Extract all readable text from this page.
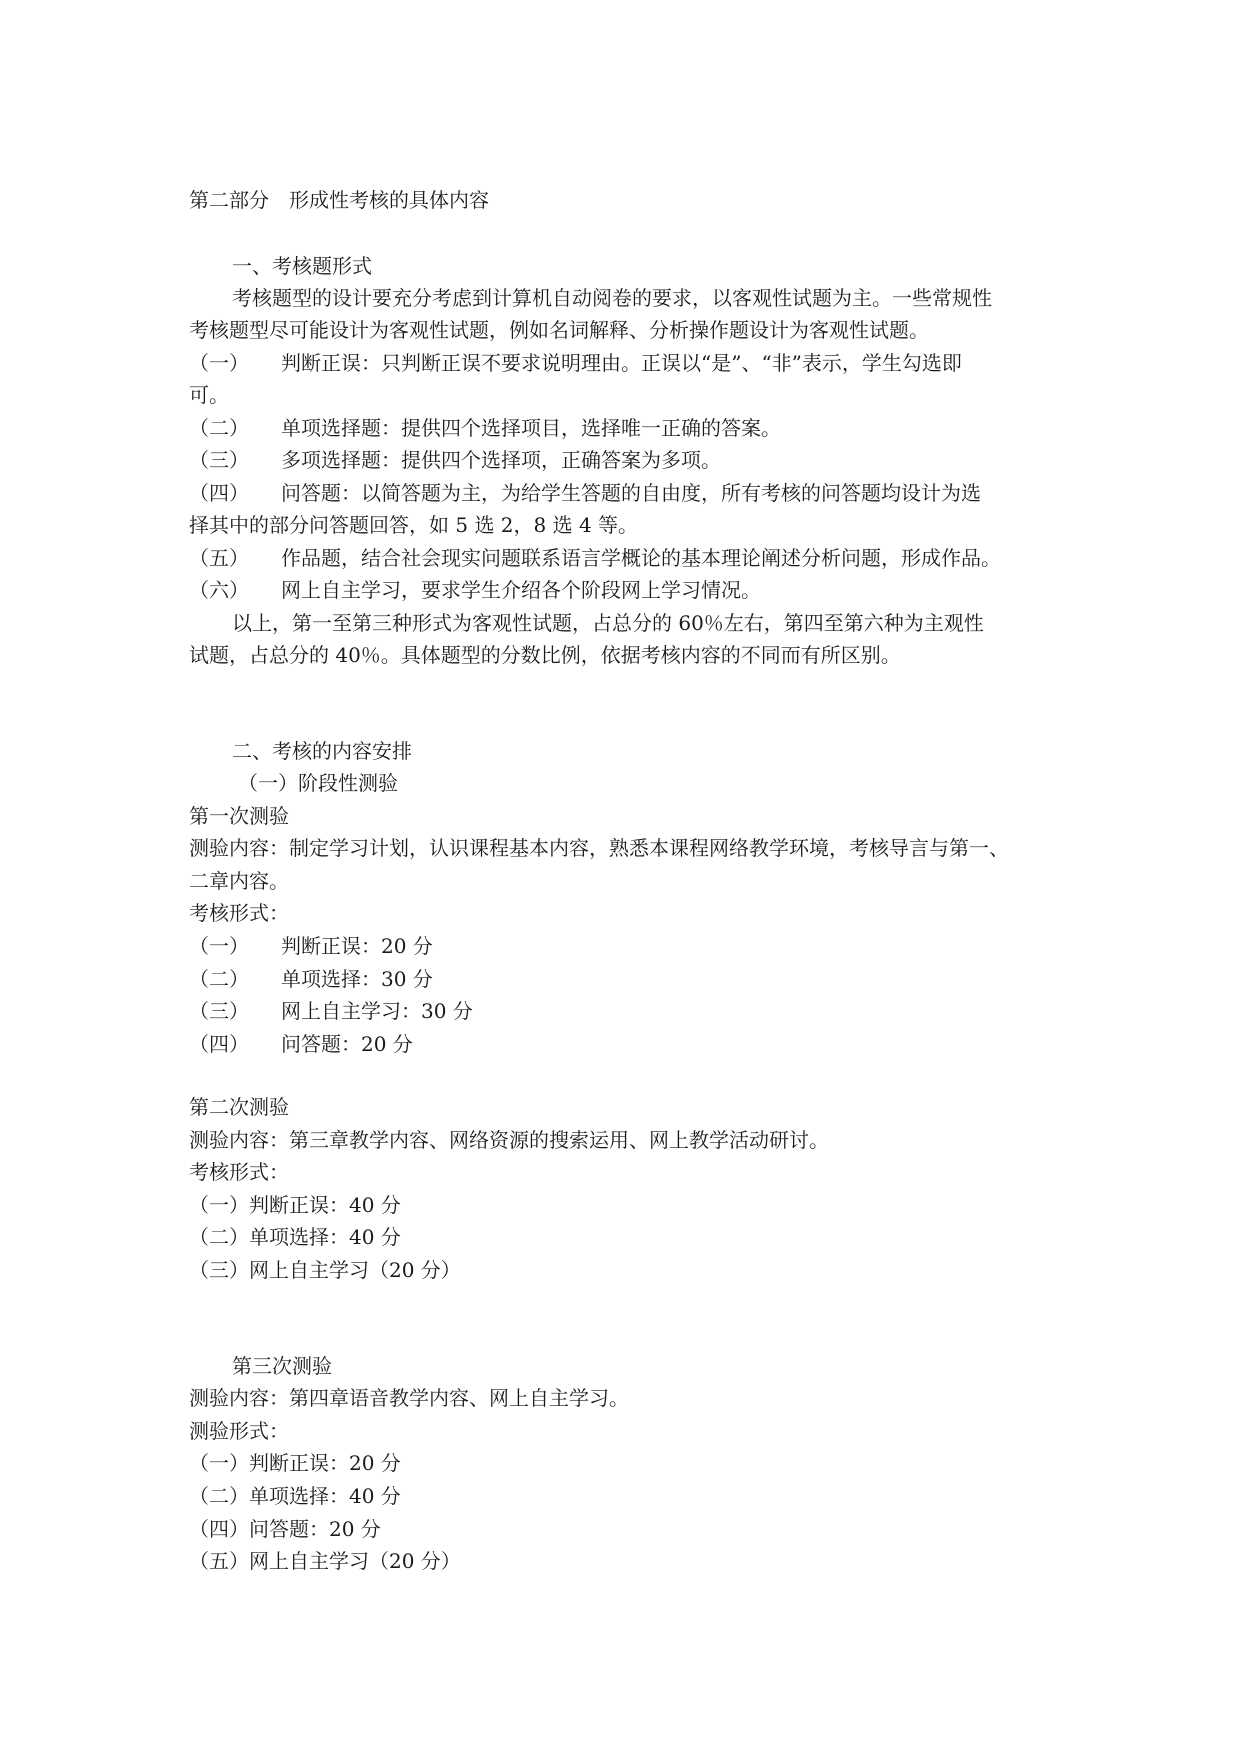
第二部分　形成性考核的具体内容
一、考核题形式
考核题型的设计要充分考虑到计算机自动阅卷的要求，以客观性试题为主。一些常规性
考核题型尽可能设计为客观性试题，例如名词解释、分析操作题设计为客观性试题。
（一） 判断正误：只判断正误不要求说明理由。正误以“是”、“非”表示，学生勾选即
可。
（二） 单项选择题：提供四个选择项目，选择唯一正确的答案。
（三） 多项选择题：提供四个选择项，正确答案为多项。
（四） 问答题：以简答题为主，为给学生答题的自由度，所有考核的问答题均设计为选
择其中的部分问答题回答，如 5 选 2，8 选 4 等。
（五） 作品题，结合社会现实问题联系语言学概论的基本理论阐述分析问题，形成作品。
（六） 网上自主学习，要求学生介绍各个阶段网上学习情况。
以上，第一至第三种形式为客观性试题，占总分的 60％左右，第四至第六种为主观性
试题，占总分的 40％。具体题型的分数比例，依据考核内容的不同而有所区别。
二、考核的内容安排
（一）阶段性测验
第一次测验
测验内容：制定学习计划，认识课程基本内容，熟悉本课程网络教学环境，考核导言与第一、
二章内容。
考核形式：
（一） 判断正误：20 分
（二） 单项选择：30 分
（三） 网上自主学习：30 分
（四） 问答题：20 分
第二次测验
测验内容：第三章教学内容、网络资源的搜索运用、网上教学活动研讨。
考核形式：
（一）判断正误：40 分
（二）单项选择：40 分
（三）网上自主学习（20 分）
第三次测验
测验内容：第四章语音教学内容、网上自主学习。
测验形式：
（一）判断正误：20 分
（二）单项选择：40 分
（四）问答题：20 分
（五）网上自主学习（20 分）
